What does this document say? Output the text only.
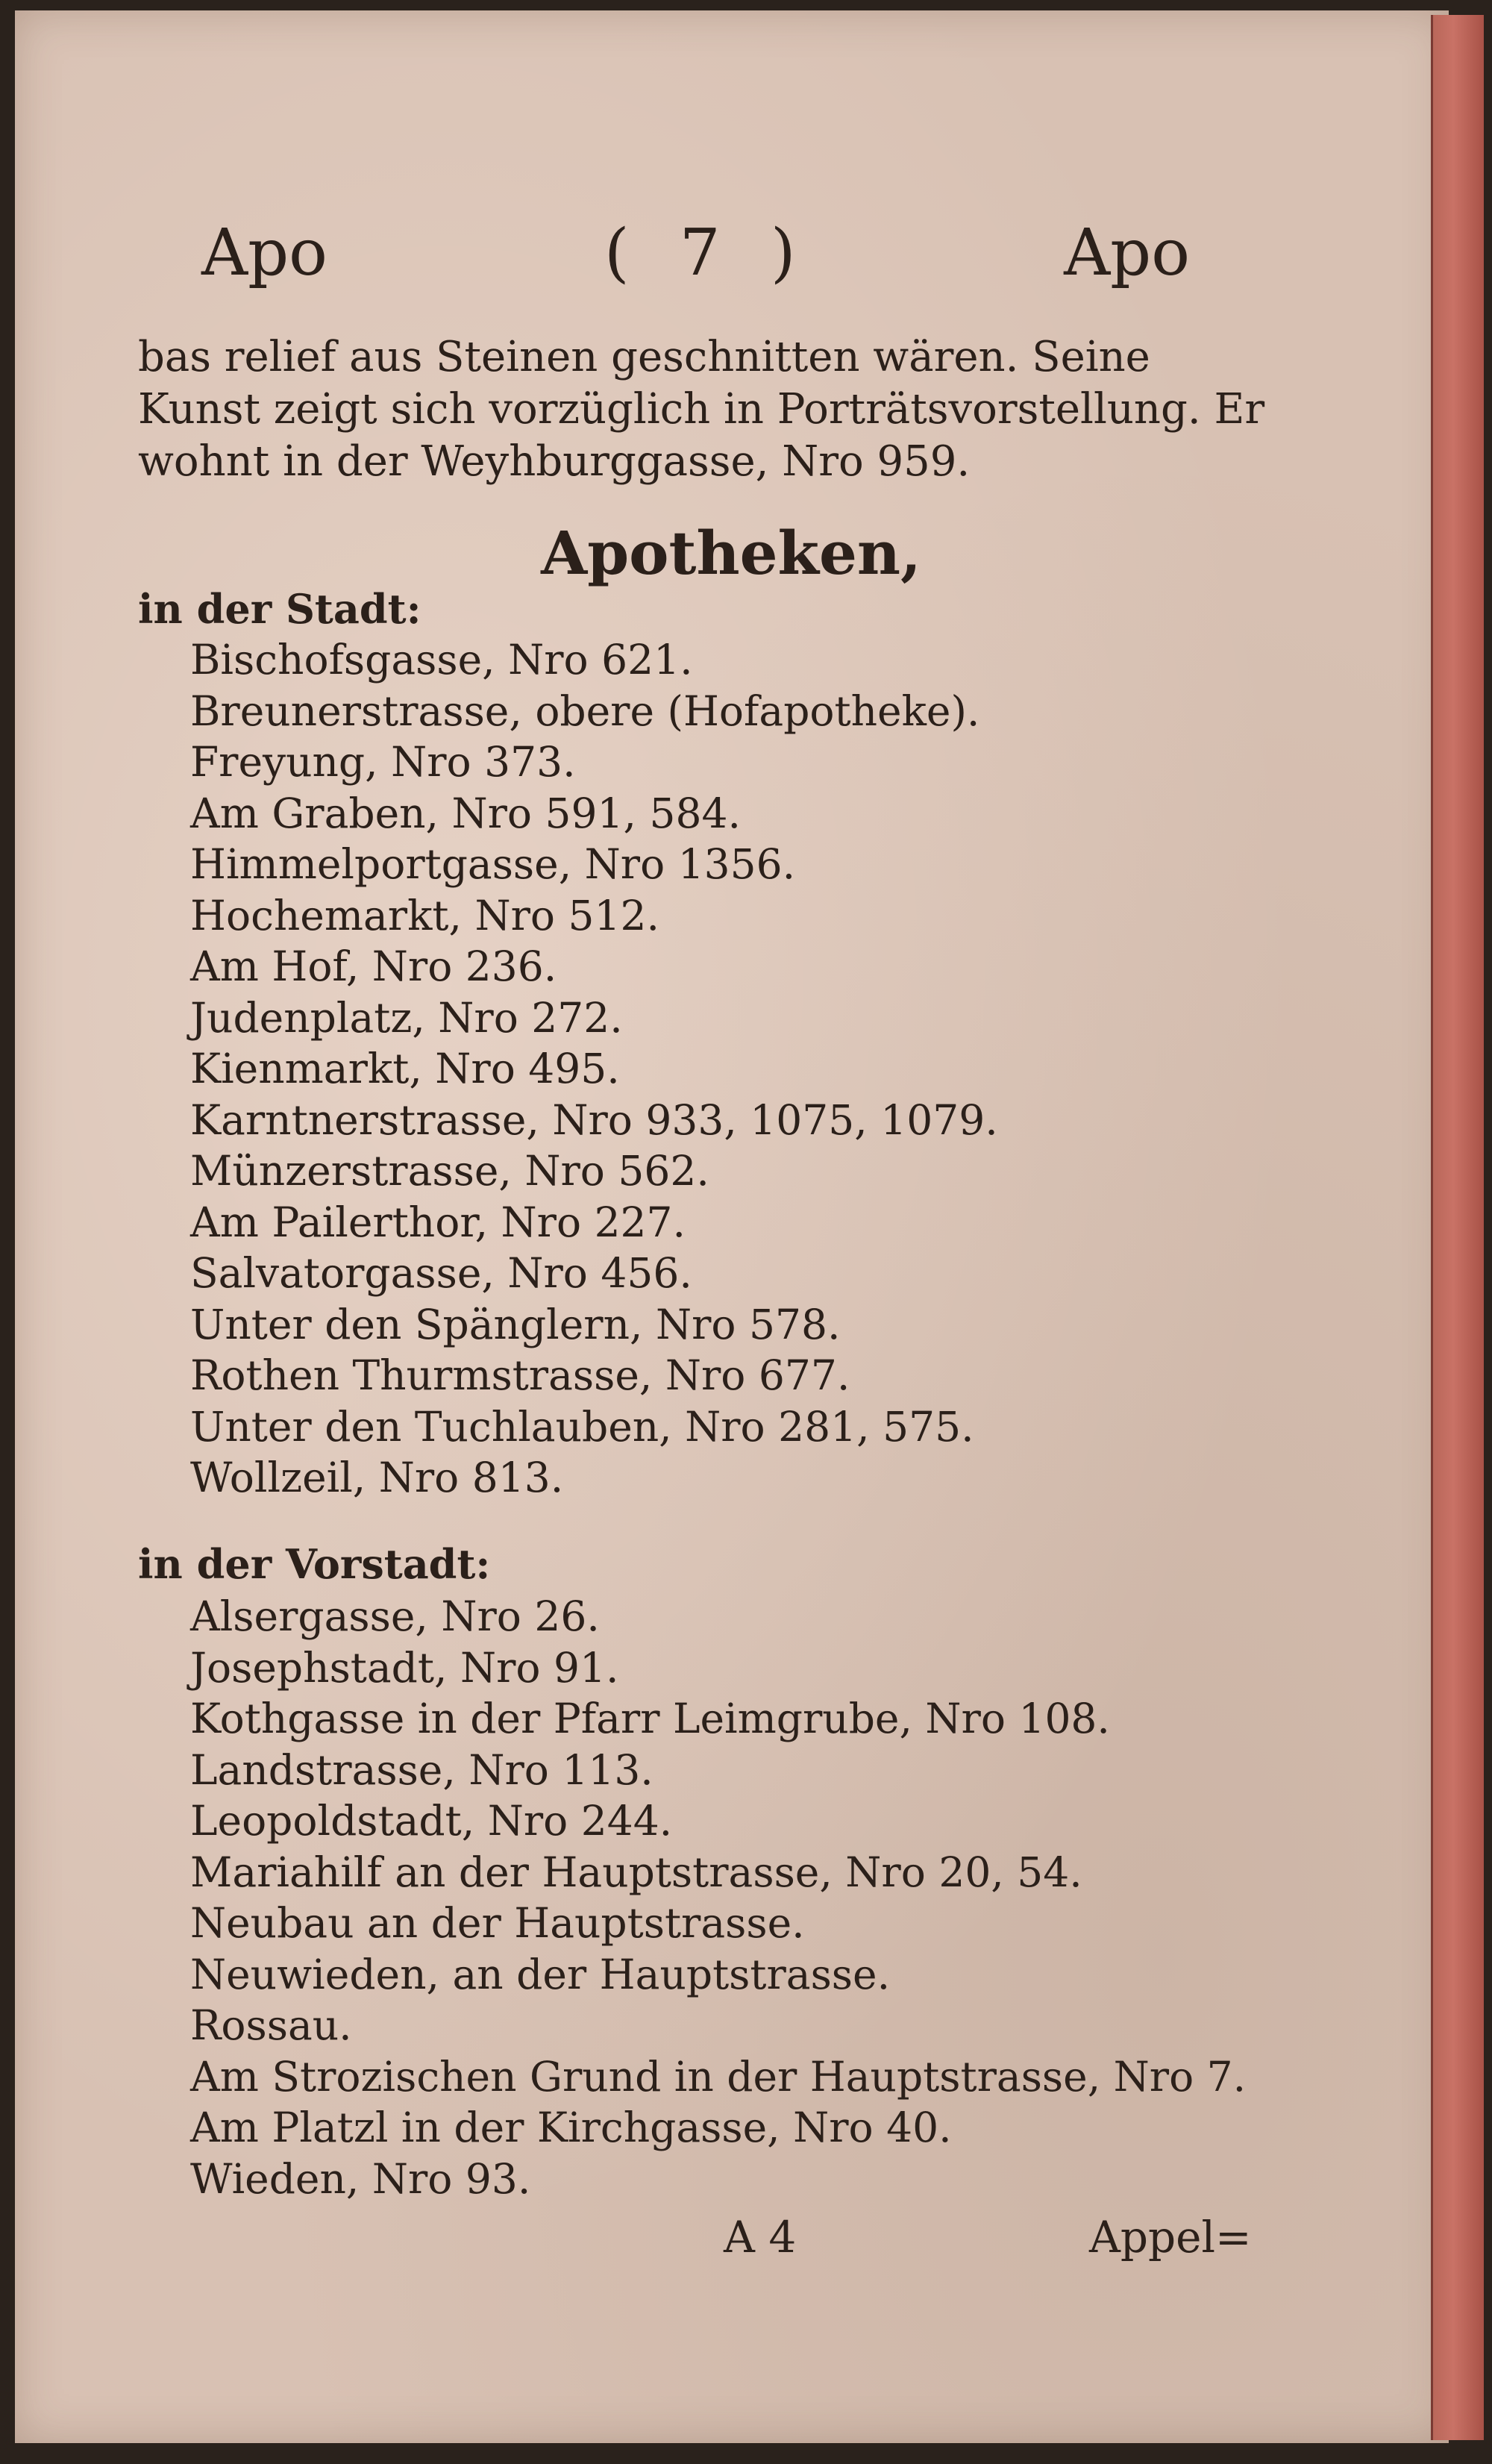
Apo	( 7 )	Apo
bas relief aus Steinen geschnitten wären. Seine
Kunst zeigt sich vorzüglich in Porträtsvorstellung. Er
wohnt in der Weyhburggasse, Nro 959.
Apotheken,
in der Stadt:
Bischofsgasse, Nro 621.
Breunerstrasse, obere (Hofapotheke).
Freyung, Nro 373.
Am Graben, Nro 591, 584.
Himmelportgasse, Nro 1356.
Hochemarkt, Nro 512.
Am Hof, Nro 236.
Judenplatz, Nro 272.
Kienmarkt, Nro 495.
Karntnerstrasse, Nro 933, 1075, 1079.
Münzerstrasse, Nro 562.
Am Pailerthor, Nro 227.
Salvatorgasse, Nro 456.
Unter den Spänglern, Nro 578.
Rothen Thurmstrasse, Nro 677.
Unter den Tuchlauben, Nro 281, 575.
Wollzeil, Nro 813.
in der Vorstadt:
Alsergasse, Nro 26.
Josephstadt, Nro 91.
Kothgasse in der Pfarr Leimgrube, Nro 108.
Landstrasse, Nro 113.
Leopoldstadt, Nro 244.
Mariahilf an der Hauptstrasse, Nro 20, 54.
Neubau an der Hauptstrasse.
Neuwieden, an der Hauptstrasse.
Rossau.
Am Strozischen Grund in der Hauptstrasse, Nro 7.
Am Platzl in der Kirchgasse, Nro 40.
Wieden, Nro 93.
A 4	Appel=
